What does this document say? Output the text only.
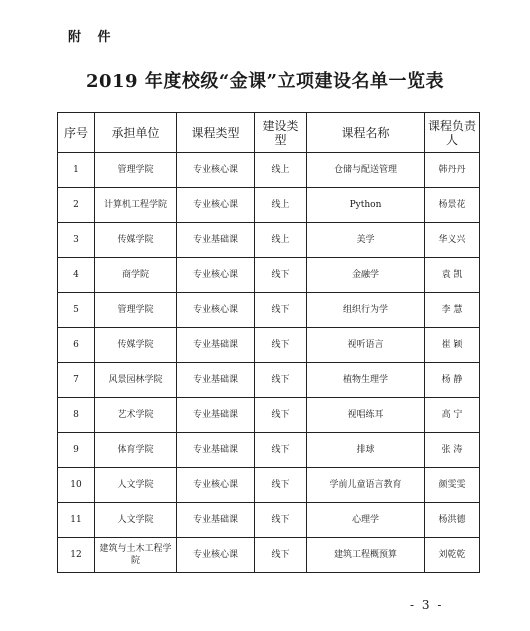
附 件
2019 年度校级“金课”立项建设名单一览表
序号	承担单位	课程类型	建设类型	课程名称	课程负责人
1	管理学院	专业核心课	线上	仓储与配送管理	韩丹丹
2	计算机工程学院	专业核心课	线上	Python	杨景花
3	传媒学院	专业基础课	线上	美学	华义兴
4	商学院	专业核心课	线下	金融学	袁 凯
5	管理学院	专业核心课	线下	组织行为学	李 慧
6	传媒学院	专业基础课	线下	视听语言	崔 颖
7	风景园林学院	专业基础课	线下	植物生理学	杨 静
8	艺术学院	专业基础课	线下	视唱练耳	高 宁
9	体育学院	专业基础课	线下	排球	张 涛
10	人文学院	专业核心课	线下	学前儿童语言教育	颜雯雯
11	人文学院	专业基础课	线下	心理学	杨洪德
12	建筑与土木工程学院	专业核心课	线下	建筑工程概预算	刘乾乾
- 3 -
